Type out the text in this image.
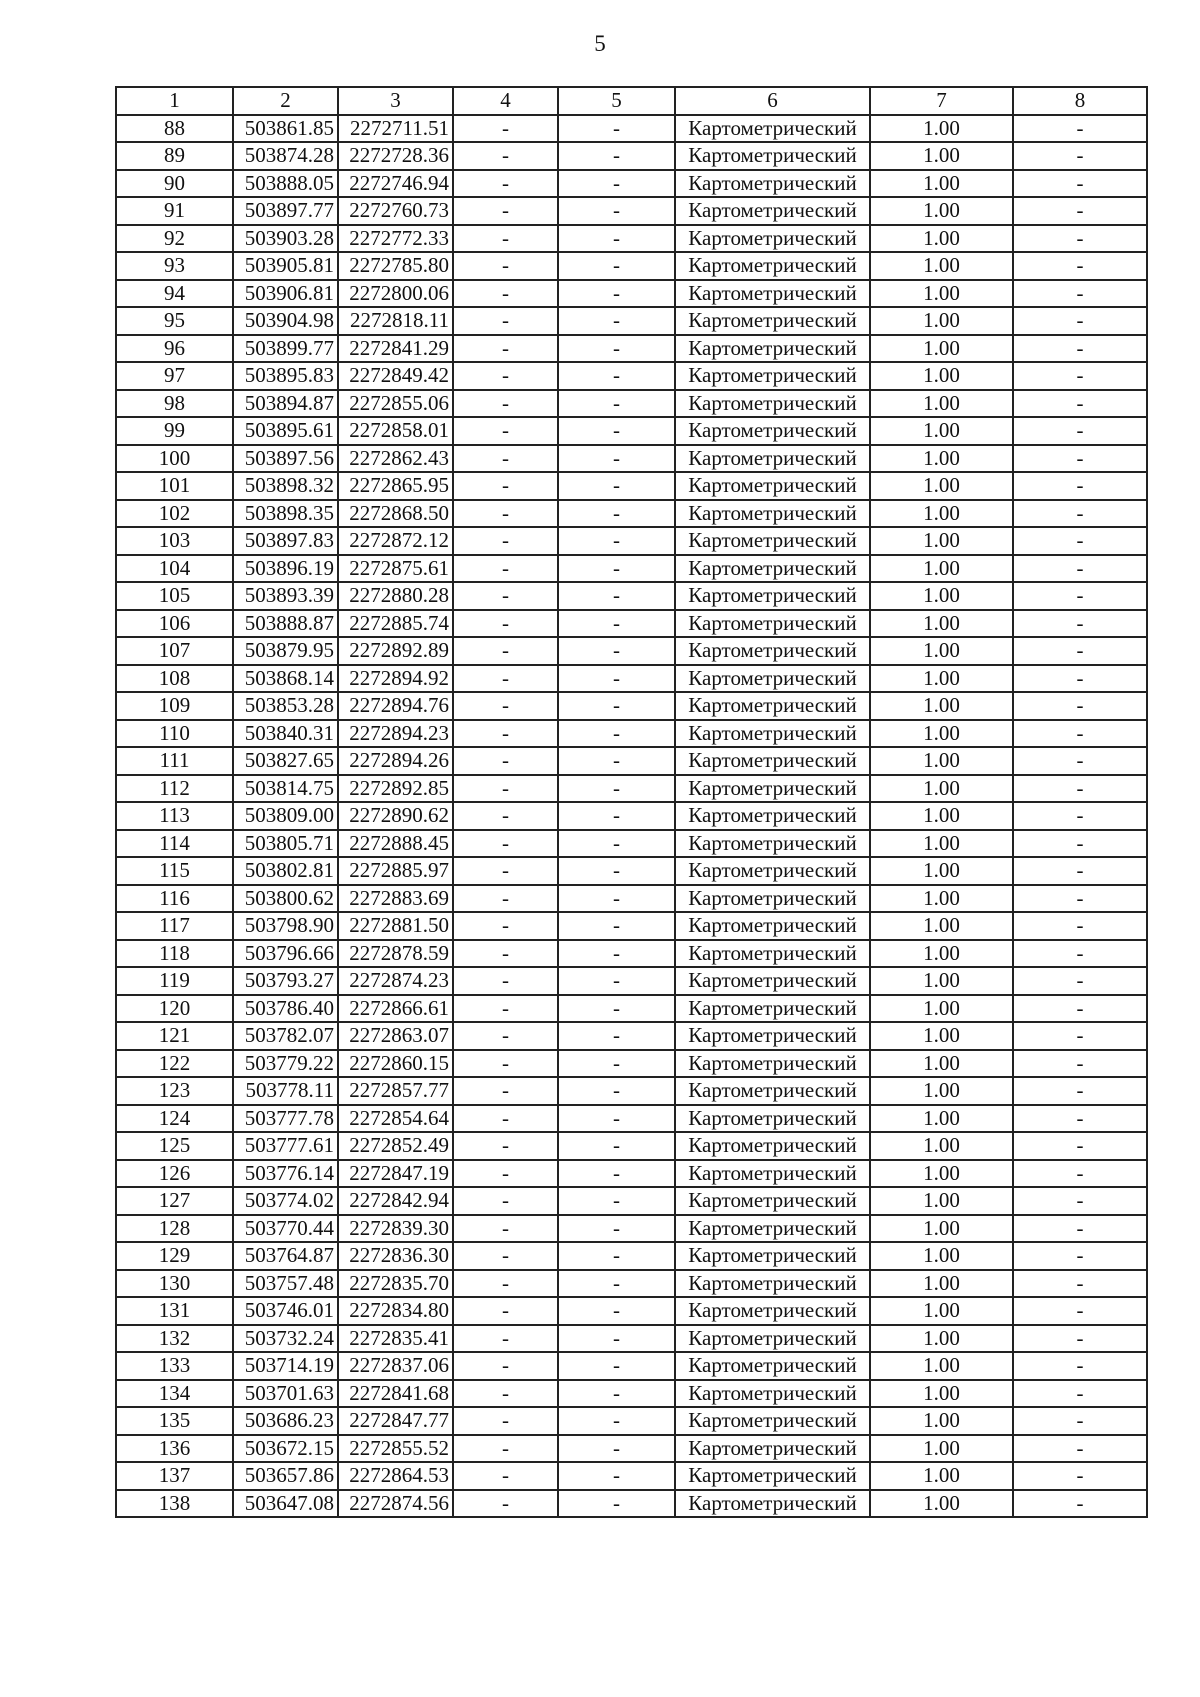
5
1	2	3	4	5	6	7	8
88	503861.85	2272711.51	-	-	Картометрический	1.00	-
89	503874.28	2272728.36	-	-	Картометрический	1.00	-
90	503888.05	2272746.94	-	-	Картометрический	1.00	-
91	503897.77	2272760.73	-	-	Картометрический	1.00	-
92	503903.28	2272772.33	-	-	Картометрический	1.00	-
93	503905.81	2272785.80	-	-	Картометрический	1.00	-
94	503906.81	2272800.06	-	-	Картометрический	1.00	-
95	503904.98	2272818.11	-	-	Картометрический	1.00	-
96	503899.77	2272841.29	-	-	Картометрический	1.00	-
97	503895.83	2272849.42	-	-	Картометрический	1.00	-
98	503894.87	2272855.06	-	-	Картометрический	1.00	-
99	503895.61	2272858.01	-	-	Картометрический	1.00	-
100	503897.56	2272862.43	-	-	Картометрический	1.00	-
101	503898.32	2272865.95	-	-	Картометрический	1.00	-
102	503898.35	2272868.50	-	-	Картометрический	1.00	-
103	503897.83	2272872.12	-	-	Картометрический	1.00	-
104	503896.19	2272875.61	-	-	Картометрический	1.00	-
105	503893.39	2272880.28	-	-	Картометрический	1.00	-
106	503888.87	2272885.74	-	-	Картометрический	1.00	-
107	503879.95	2272892.89	-	-	Картометрический	1.00	-
108	503868.14	2272894.92	-	-	Картометрический	1.00	-
109	503853.28	2272894.76	-	-	Картометрический	1.00	-
110	503840.31	2272894.23	-	-	Картометрический	1.00	-
111	503827.65	2272894.26	-	-	Картометрический	1.00	-
112	503814.75	2272892.85	-	-	Картометрический	1.00	-
113	503809.00	2272890.62	-	-	Картометрический	1.00	-
114	503805.71	2272888.45	-	-	Картометрический	1.00	-
115	503802.81	2272885.97	-	-	Картометрический	1.00	-
116	503800.62	2272883.69	-	-	Картометрический	1.00	-
117	503798.90	2272881.50	-	-	Картометрический	1.00	-
118	503796.66	2272878.59	-	-	Картометрический	1.00	-
119	503793.27	2272874.23	-	-	Картометрический	1.00	-
120	503786.40	2272866.61	-	-	Картометрический	1.00	-
121	503782.07	2272863.07	-	-	Картометрический	1.00	-
122	503779.22	2272860.15	-	-	Картометрический	1.00	-
123	503778.11	2272857.77	-	-	Картометрический	1.00	-
124	503777.78	2272854.64	-	-	Картометрический	1.00	-
125	503777.61	2272852.49	-	-	Картометрический	1.00	-
126	503776.14	2272847.19	-	-	Картометрический	1.00	-
127	503774.02	2272842.94	-	-	Картометрический	1.00	-
128	503770.44	2272839.30	-	-	Картометрический	1.00	-
129	503764.87	2272836.30	-	-	Картометрический	1.00	-
130	503757.48	2272835.70	-	-	Картометрический	1.00	-
131	503746.01	2272834.80	-	-	Картометрический	1.00	-
132	503732.24	2272835.41	-	-	Картометрический	1.00	-
133	503714.19	2272837.06	-	-	Картометрический	1.00	-
134	503701.63	2272841.68	-	-	Картометрический	1.00	-
135	503686.23	2272847.77	-	-	Картометрический	1.00	-
136	503672.15	2272855.52	-	-	Картометрический	1.00	-
137	503657.86	2272864.53	-	-	Картометрический	1.00	-
138	503647.08	2272874.56	-	-	Картометрический	1.00	-
